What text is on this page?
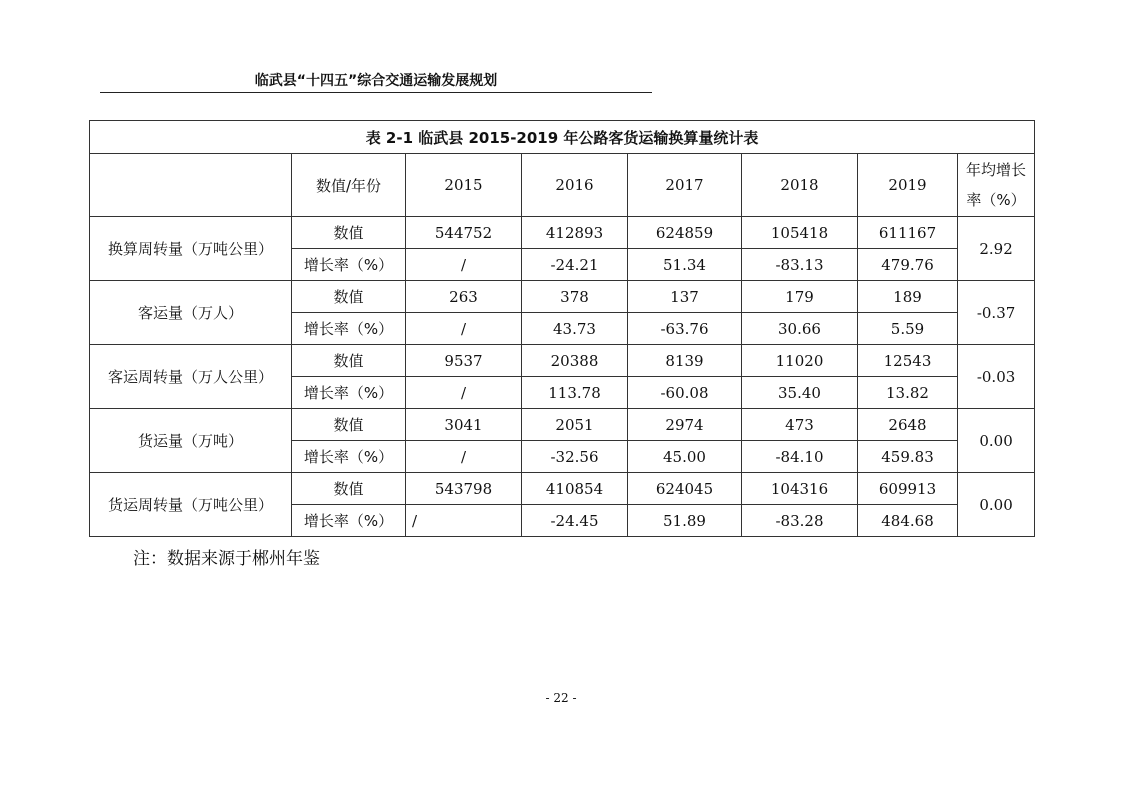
临武县“十四五”综合交通运输发展规划
表 2-1 临武县 2015-2019 年公路客货运输换算量统计表							
	数值/年份	2015	2016	2017	2018	2019	年均增长
率（%）

换算周转量（万吨公里）	数值	544752	412893	624859	105418	611167	2.92
	增长率（%）	/	-24.21	51.34	-83.13	479.76	
客运量（万人）	数值	263	378	137	179	189	-0.37
	增长率（%）	/	43.73	-63.76	30.66	5.59	
客运周转量（万人公里）	数值	9537	20388	8139	11020	12543	-0.03
	增长率（%）	/	113.78	-60.08	35.40	13.82	
货运量（万吨）	数值	3041	2051	2974	473	2648	0.00
	增长率（%）	/	-32.56	45.00	-84.10	459.83	
货运周转量（万吨公里）	数值	543798	410854	624045	104316	609913	0.00
	增长率（%）	/	-24.45	51.89	-83.28	484.68	
注：数据来源于郴州年鉴
- 22 -
